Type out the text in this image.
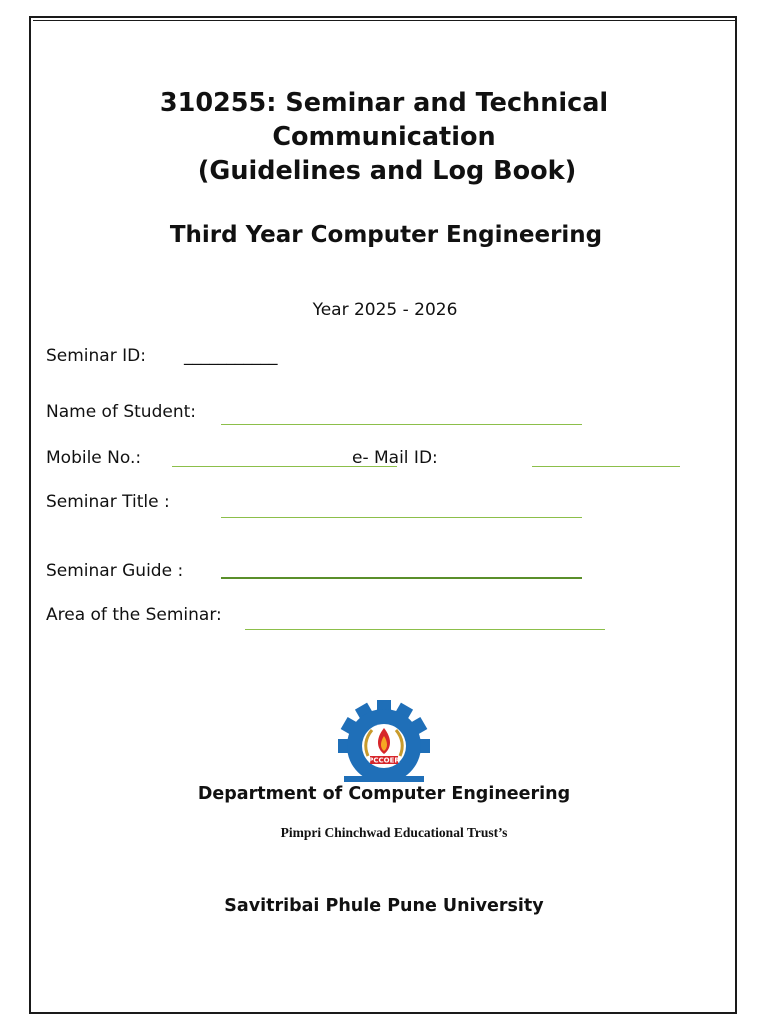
310255: Seminar and Technical
Communication
(Guidelines and Log Book)
Third Year Computer Engineering
Year 2025 - 2026
Seminar ID: ___________
Name of Student:
Mobile No.:	e- Mail ID:
Seminar Title :
Seminar Guide :
Area of the Seminar:
PCCOER
Department of Computer Engineering
Pimpri Chinchwad Educational Trust’s
Savitribai Phule Pune University
